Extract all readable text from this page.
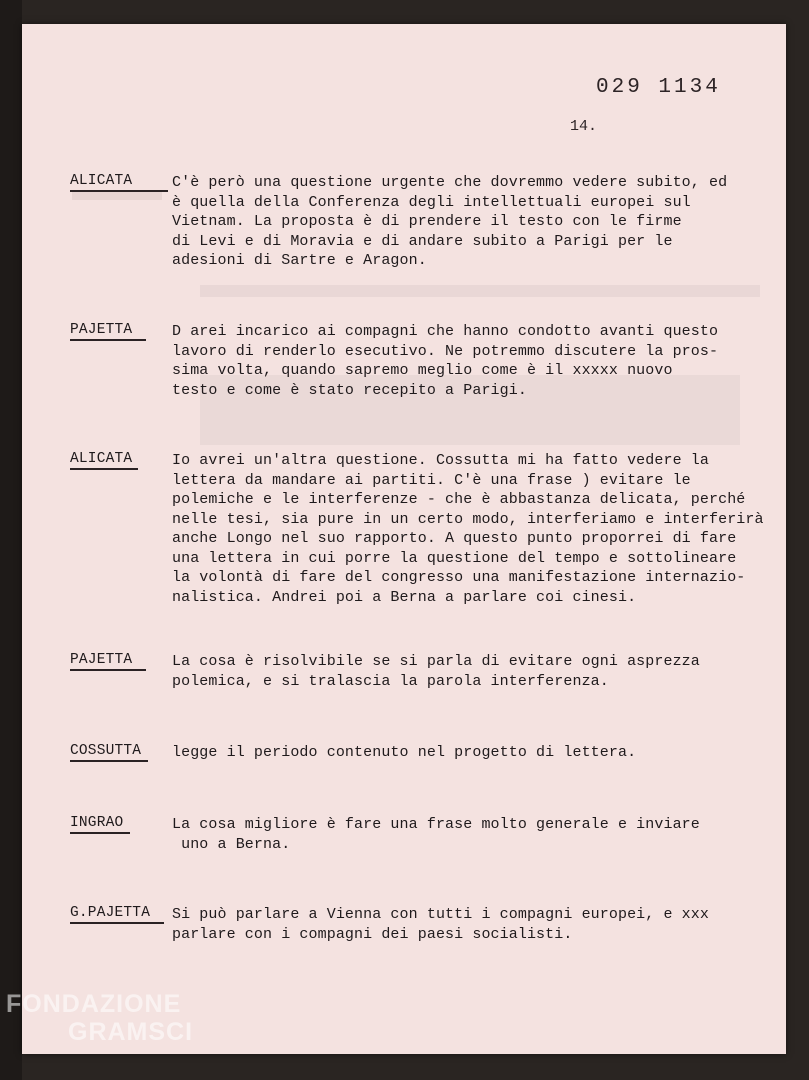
029 1134
14.
ALICATA	C'è però una questione urgente che dovremmo vedere subito, ed
è quella della Conferenza degli intellettuali europei sul
Vietnam. La proposta è di prendere il testo con le firme
di Levi e di Moravia e di andare subito a Parigi per le
adesioni di Sartre e Aragon.
PAJETTA	D arei incarico ai compagni che hanno condotto avanti questo
lavoro di renderlo esecutivo. Ne potremmo discutere la pros-
sima volta, quando sapremo meglio come è il xxxxx nuovo
testo e come è stato recepito a Parigi.
ALICATA	Io avrei un'altra questione. Cossutta mi ha fatto vedere la
lettera da mandare ai partiti. C'è una frase ) evitare le
polemiche e le interferenze - che è abbastanza delicata, perché
nelle tesi, sia pure in un certo modo, interferiamo e interferirà
anche Longo nel suo rapporto. A questo punto proporrei di fare
una lettera in cui porre la questione del tempo e sottolineare
la volontà di fare del congresso una manifestazione internazio-
nalistica. Andrei poi a Berna a parlare coi cinesi.
PAJETTA	La cosa è risolvibile se si parla di evitare ogni asprezza
polemica, e si tralascia la parola interferenza.
COSSUTTA	legge il periodo contenuto nel progetto di lettera.
INGRAO	La cosa migliore è fare una frase molto generale e inviare
uno a Berna.
G.PAJETTA	Si può parlare a Vienna con tutti i compagni europei, e xxx
parlare con i compagni dei paesi socialisti.
FONDAZIONE
GRAMSCI
